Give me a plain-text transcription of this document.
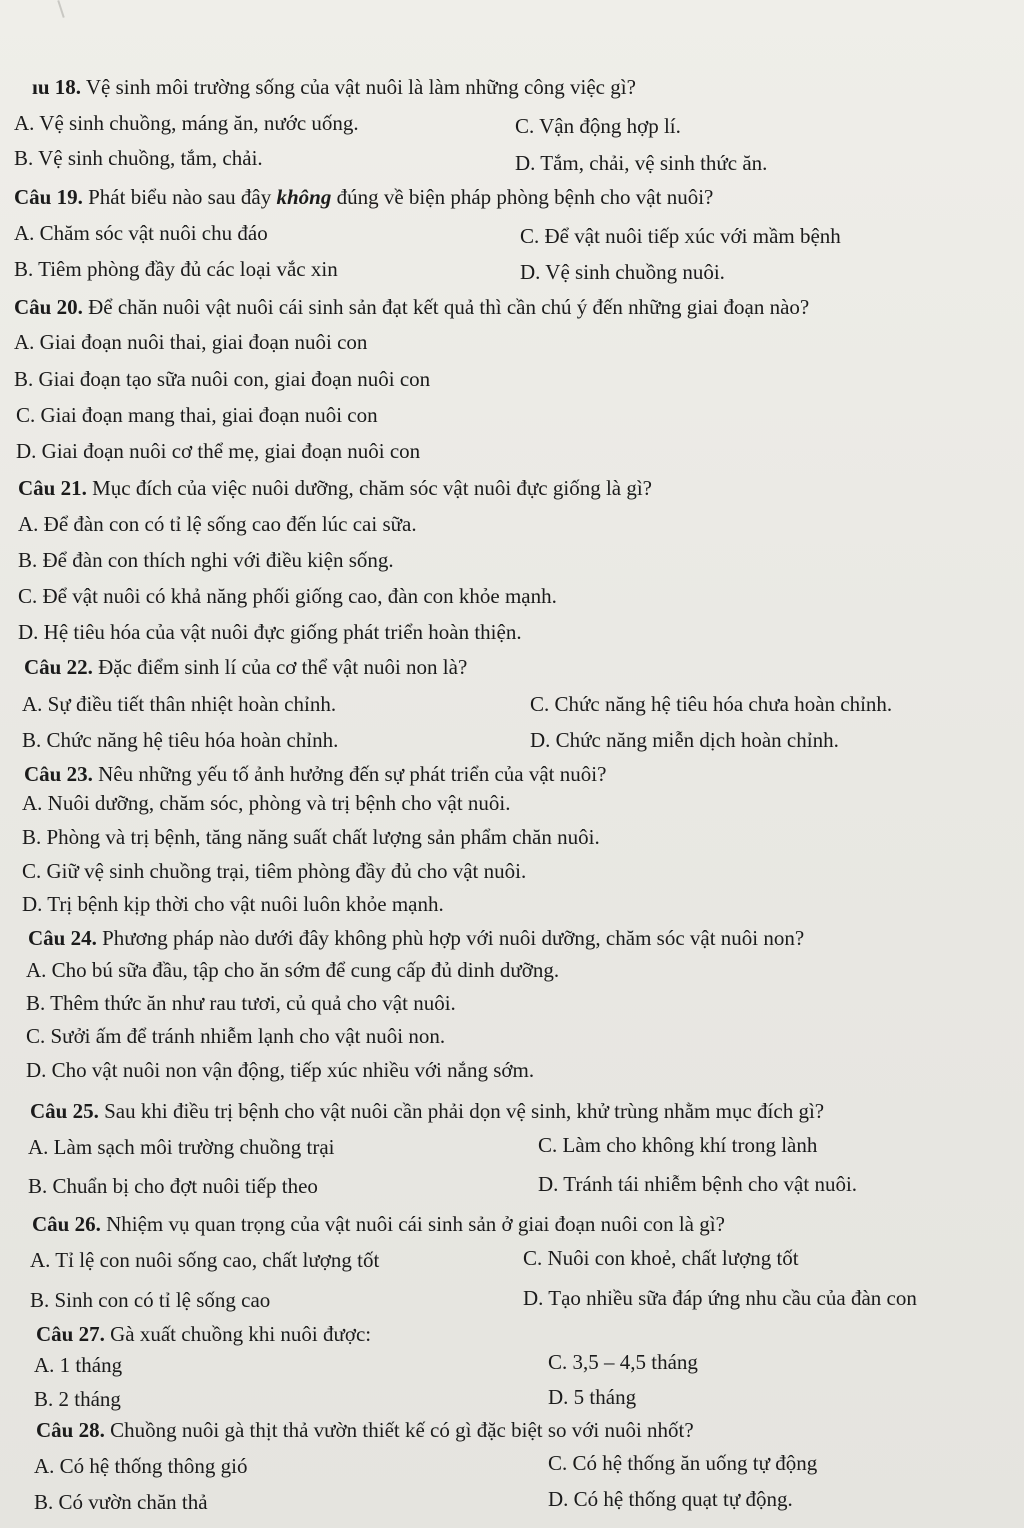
ıu 18. Vệ sinh môi trường sống của vật nuôi là làm những công việc gì?
A. Vệ sinh chuồng, máng ăn, nước uống.	C. Vận động hợp lí.
B. Vệ sinh chuồng, tắm, chải.	D. Tắm, chải, vệ sinh thức ăn.
Câu 19. Phát biểu nào sau đây không đúng về biện pháp phòng bệnh cho vật nuôi?
A. Chăm sóc vật nuôi chu đáo	C. Để vật nuôi tiếp xúc với mầm bệnh
B. Tiêm phòng đầy đủ các loại vắc xin	D. Vệ sinh chuồng nuôi.
Câu 20. Để chăn nuôi vật nuôi cái sinh sản đạt kết quả thì cần chú ý đến những giai đoạn nào?
A. Giai đoạn nuôi thai, giai đoạn nuôi con
B. Giai đoạn tạo sữa nuôi con, giai đoạn nuôi con
C. Giai đoạn mang thai, giai đoạn nuôi con
D. Giai đoạn nuôi cơ thể mẹ, giai đoạn nuôi con
Câu 21. Mục đích của việc nuôi dưỡng, chăm sóc vật nuôi đực giống là gì?
A. Để đàn con có tỉ lệ sống cao đến lúc cai sữa.
B. Để đàn con thích nghi với điều kiện sống.
C. Để vật nuôi có khả năng phối giống cao, đàn con khỏe mạnh.
D. Hệ tiêu hóa của vật nuôi đực giống phát triển hoàn thiện.
Câu 22. Đặc điểm sinh lí của cơ thể vật nuôi non là?
A. Sự điều tiết thân nhiệt hoàn chỉnh.	C. Chức năng hệ tiêu hóa chưa hoàn chỉnh.
B. Chức năng hệ tiêu hóa hoàn chỉnh.	D. Chức năng miễn dịch hoàn chỉnh.
Câu 23. Nêu những yếu tố ảnh hưởng đến sự phát triển của vật nuôi?
A. Nuôi dưỡng, chăm sóc, phòng và trị bệnh cho vật nuôi.
B. Phòng và trị bệnh, tăng năng suất chất lượng sản phẩm chăn nuôi.
C. Giữ vệ sinh chuồng trại, tiêm phòng đầy đủ cho vật nuôi.
D. Trị bệnh kịp thời cho vật nuôi luôn khỏe mạnh.
Câu 24. Phương pháp nào dưới đây không phù hợp với nuôi dưỡng, chăm sóc vật nuôi non?
A. Cho bú sữa đầu, tập cho ăn sớm để cung cấp đủ dinh dưỡng.
B. Thêm thức ăn như rau tươi, củ quả cho vật nuôi.
C. Sưởi ấm để tránh nhiễm lạnh cho vật nuôi non.
D. Cho vật nuôi non vận động, tiếp xúc nhiều với nắng sớm.
Câu 25. Sau khi điều trị bệnh cho vật nuôi cần phải dọn vệ sinh, khử trùng nhằm mục đích gì?
A. Làm sạch môi trường chuồng trại	C. Làm cho không khí trong lành
B. Chuẩn bị cho đợt nuôi tiếp theo	D. Tránh tái nhiễm bệnh cho vật nuôi.
Câu 26. Nhiệm vụ quan trọng của vật nuôi cái sinh sản ở giai đoạn nuôi con là gì?
A. Tỉ lệ con nuôi sống cao, chất lượng tốt	C. Nuôi con khoẻ, chất lượng tốt
B. Sinh con có tỉ lệ sống cao	D. Tạo nhiều sữa đáp ứng nhu cầu của đàn con
Câu 27. Gà xuất chuồng khi nuôi được:
A. 1 tháng	C. 3,5 – 4,5 tháng
B. 2 tháng	D. 5 tháng
Câu 28. Chuồng nuôi gà thịt thả vườn thiết kế có gì đặc biệt so với nuôi nhốt?
A. Có hệ thống thông gió	C. Có hệ thống ăn uống tự động
B. Có vườn chăn thả	D. Có hệ thống quạt tự động.
